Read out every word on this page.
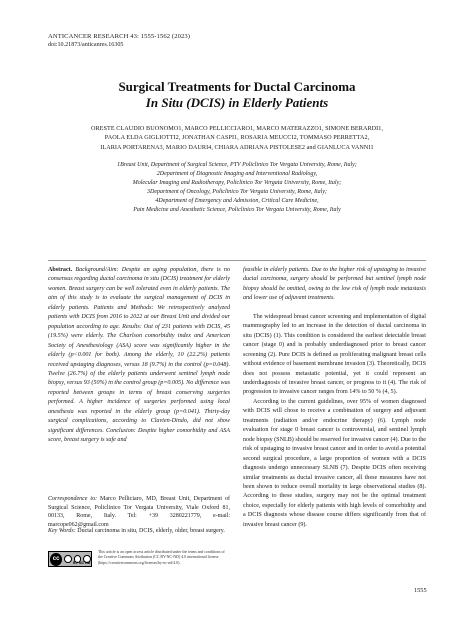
ANTICANCER RESEARCH 43: 1555-1562 (2023)
doi:10.21873/anticanres.16305
Surgical Treatments for Ductal Carcinoma
In Situ (DCIS) in Elderly Patients
ORESTE CLAUDIO BUONOMO1, MARCO PELLICCIARO1, MARCO MATERAZZO1, SIMONE BERARDI1,
PAOLA ELDA GIGLIOTTI2, JONATHAN CASPI1, ROSARIA MEUCCI2, TOMMASO PERRETTA2,
ILARIA PORTARENA3, MARIO DAURI4, CHIARA ADRIANA PISTOLESE2 and GIANLUCA VANNI1
1Breast Unit, Department of Surgical Science, PTV Policlinico Tor Vergata University, Rome, Italy;
2Department of Diagnostic Imaging and Interventional Radiology,
Molecular Imaging and Radiotherapy, Policlinico Tor Vergata University, Rome, Italy;
3Department of Oncology, Policlinico Tor Vergata University, Rome, Italy;
4Department of Emergency and Admission, Critical Care Medicine,
Pain Medicine and Anesthetic Science, Policlinico Tor Vergata University, Rome, Italy

Abstract. Background/Aim: Despite an aging population, there is no consensus regarding ductal carcinoma in situ (DCIS) treatment for elderly women. Breast surgery can be well tolerated even in elderly patients. The aim of this study is to evaluate the surgical management of DCIS in elderly patients. Patients and Methods: We retrospectively analyzed patients with DCIS from 2016 to 2022 at our Breast Unit and divided our population according to age. Results: Out of 231 patients with DCIS, 45 (19.5%) were elderly. The Charlson comorbidity index and American Society of Anesthesiology (ASA) score was significantly higher in the elderly (p<0.001 for both). Among the elderly, 10 (22.2%) patients received upstaging diagnoses, versus 18 (9.7%) in the control (p=0.048). Twelve (26.7%) of the elderly patients underwent sentinel lymph node biopsy, versus 93 (50%) in the control group (p=0.005). No difference was reported between groups in terms of breast conserving surgeries performed. A higher incidence of surgeries performed using local anesthesia was reported in the elderly group (p=0.041). Thirty-day surgical complications, according to Clavien-Dindo, did not show significant differences. Conclusion: Despite higher comorbidity and ASA score, breast surgery is safe and

Correspondence to: Marco Pelliciaro, MD, Breast Unit, Department of Surgical Science, Policlinico Tor Vergata University, Viale Oxford 81, 00133, Rome, Italy. Tel: +39 3280221779, e-mail: marcope062@gmail.com
Key Words: Ductal carcinoma in situ, DCIS, elderly, older, breast surgery.
cc
BY NC ND
This article is an open access article distributed under the terms and conditions of the Creative Commons Attribution (CC BY-NC-ND) 4.0 international license (https://creativecommons.org/licenses/by-nc-nd/4.0).

feasible in elderly patients. Due to the higher risk of upstaging to invasive ductal carcinoma, surgery should be performed but sentinel lymph node biopsy should be omitted, owing to the low risk of lymph node metastasis and lower use of adjuvant treatments.

The widespread breast cancer screening and implementation of digital mammography led to an increase in the detection of ductal carcinoma in situ (DCIS) (1). This condition is considered the earliest detectable breast cancer (stage 0) and is probably underdiagnosed prior to breast cancer screening (2). Pure DCIS is defined as proliferating malignant breast cells without evidence of basement membrane invasion (3). Theoretically, DCIS does not possess metastatic potential, yet it could represent an underdiagnosis of invasive breast cancer, or progress to it (4). The risk of progression to invasive cancer ranges from 14% to 50 % (4, 5).

According to the current guidelines, over 95% of women diagnosed with DCIS will chose to receive a combination of surgery and adjuvant treatments (radiation and/or endocrine therapy) (6). Lymph node evaluation for stage 0 breast cancer is controversial, and sentinel lymph node biopsy (SNLB) should be reserved for invasive cancer (4). Due to the risk of upstaging to invasive breast cancer and in order to avoid a potential second surgical procedure, a large proportion of women with a DCIS diagnosis undergo unnecessary SLNB (7). Despite DCIS often receiving similar treatments as ductal invasive cancer, all these measures have not been shown to reduce overall mortality in large observational studies (8). According to these studies, surgery may not be the optimal treatment choice, especially for elderly patients with high levels of comorbidity and a DCIS diagnosis whose disease course differs significantly from that of invasive breast cancer (9).

1555
